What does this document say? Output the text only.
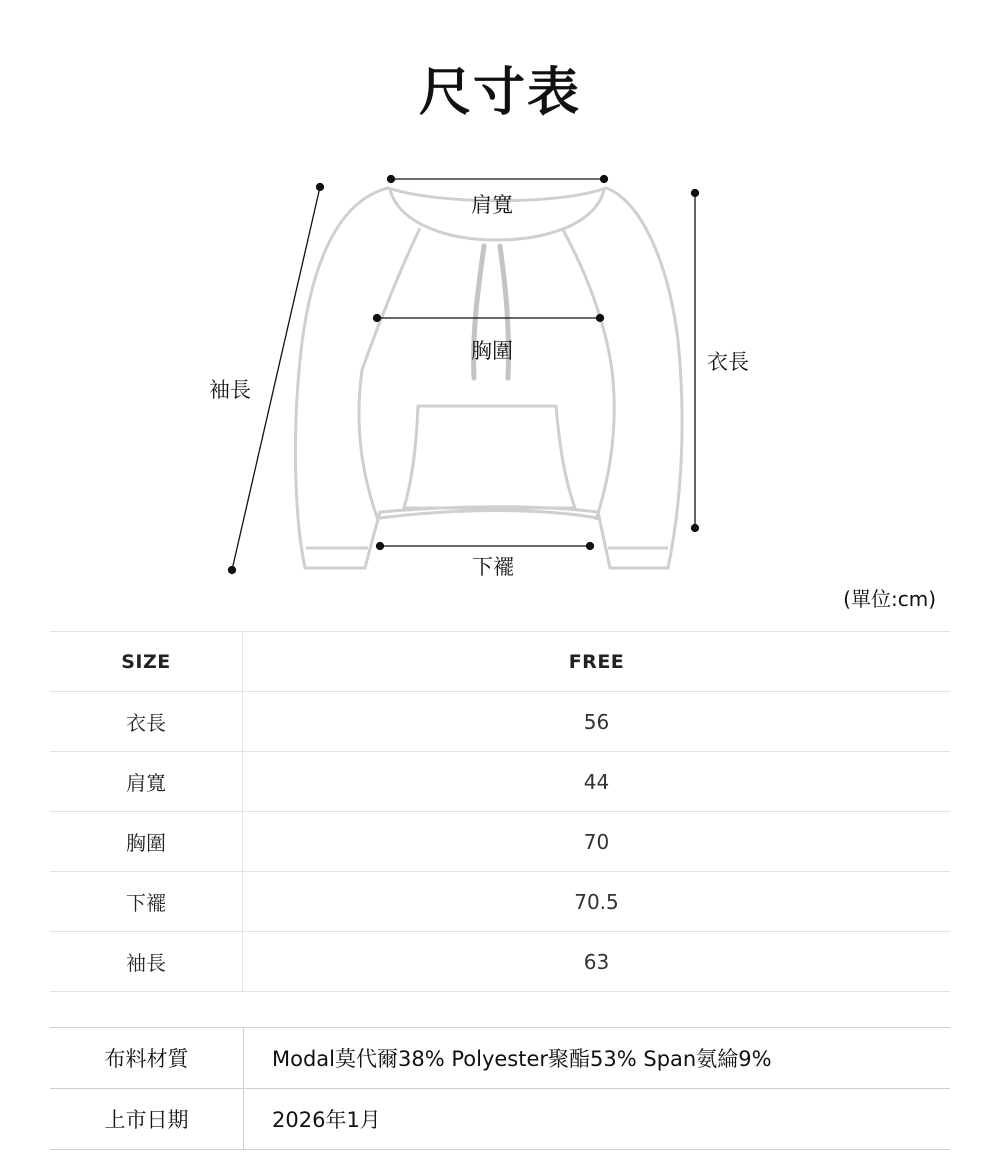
尺寸表
肩寬
胸圍	衣長
袖長
下襬
(單位:cm)
SIZE	FREE
衣長	56
肩寬	44
胸圍	70
下襬	70.5
袖長	63
布料材質	Modal莫代爾38% Polyester聚酯53% Span氨綸9%
上市日期	2026年1月
